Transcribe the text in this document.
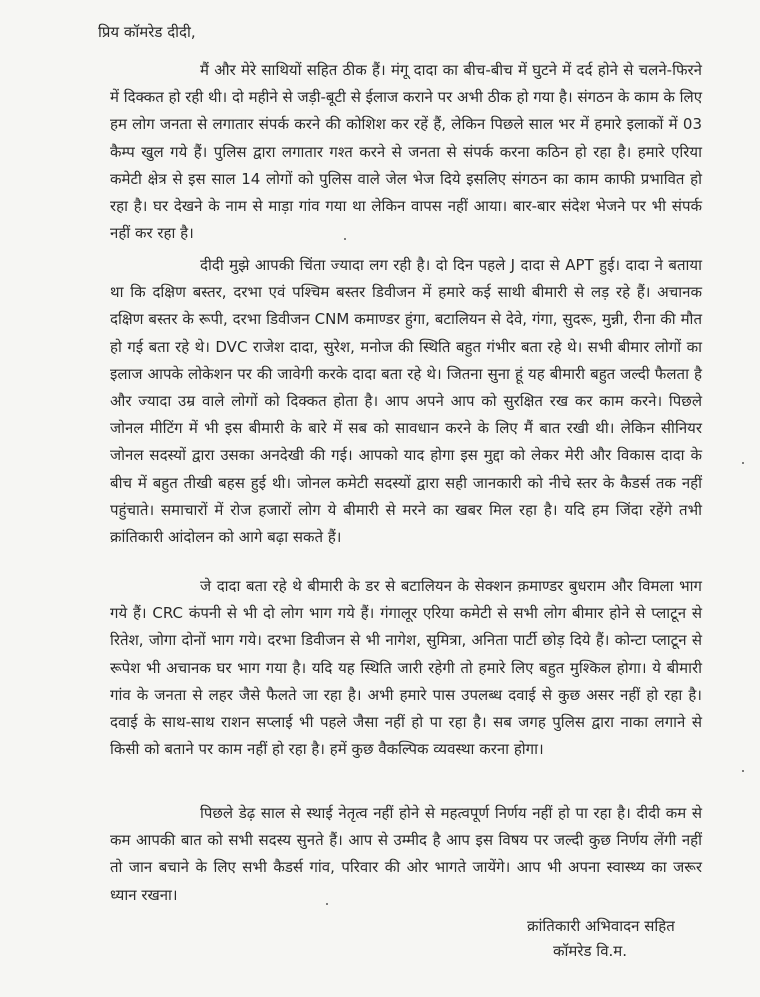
प्रिय कॉमरेड दीदी,

मैं और मेरे साथियों सहित ठीक हैं। मंगू दादा का बीच-बीच में घुटने में दर्द होने से चलने-फिरने में दिक्कत हो रही थी। दो महीने से जड़ी-बूटी से ईलाज कराने पर अभी ठीक हो गया है। संगठन के काम के लिए हम लोग जनता से लगातार संपर्क करने की कोशिश कर रहें हैं, लेकिन पिछले साल भर में हमारे इलाकों में 03 कैम्प खुल गये हैं। पुलिस द्वारा लगातार गश्त करने से जनता से संपर्क करना कठिन हो रहा है। हमारे एरिया कमेटी क्षेत्र से इस साल 14 लोगों को पुलिस वाले जेल भेज दिये इसलिए संगठन का काम काफी प्रभावित हो रहा है। घर देखने के नाम से माड़ा गांव गया था लेकिन वापस नहीं आया। बार-बार संदेश भेजने पर भी संपर्क नहीं कर रहा है।

दीदी मुझे आपकी चिंता ज्यादा लग रही है। दो दिन पहले J दादा से APT हुई। दादा ने बताया था कि दक्षिण बस्तर, दरभा एवं पश्चिम बस्तर डिवीजन में हमारे कई साथी बीमारी से लड़ रहे हैं। अचानक दक्षिण बस्तर के रूपी, दरभा डिवीजन CNM कमाण्डर हुंगा, बटालियन से देवे, गंगा, सुदरू, मुन्नी, रीना की मौत हो गई बता रहे थे। DVC राजेश दादा, सुरेश, मनोज की स्थिति बहुत गंभीर बता रहे थे। सभी बीमार लोगों का इलाज आपके लोकेशन पर की जावेगी करके दादा बता रहे थे। जितना सुना हूं यह बीमारी बहुत जल्दी फैलता है और ज्यादा उम्र वाले लोगों को दिक्कत होता है। आप अपने आप को सुरक्षित रख कर काम करने। पिछले जोनल मीटिंग में भी इस बीमारी के बारे में सब को सावधान करने के लिए मैं बात रखी थी। लेकिन सीनियर जोनल सदस्यों द्वारा उसका अनदेखी की गई। आपको याद होगा इस मुद्दा को लेकर मेरी और विकास दादा के बीच में बहुत तीखी बहस हुई थी। जोनल कमेटी सदस्यों द्वारा सही जानकारी को नीचे स्तर के कैडर्स तक नहीं पहुंचाते। समाचारों में रोज हजारों लोग ये बीमारी से मरने का खबर मिल रहा है। यदि हम जिंदा रहेंगे तभी क्रांतिकारी आंदोलन को आगे बढ़ा सकते हैं।

जे दादा बता रहे थे बीमारी के डर से बटालियन के सेक्शन क़माण्डर बुधराम और विमला भाग गये हैं। CRC कंपनी से भी दो लोग भाग गये हैं। गंगालूर एरिया कमेटी से सभी लोग बीमार होने से प्लाटून से रितेश, जोगा दोनों भाग गये। दरभा डिवीजन से भी नागेश, सुमित्रा, अनिता पार्टी छोड़ दिये हैं। कोन्टा प्लाटून से रूपेश भी अचानक घर भाग गया है। यदि यह स्थिति जारी रहेगी तो हमारे लिए बहुत मुश्किल होगा। ये बीमारी गांव के जनता से लहर जैसे फैलते जा रहा है। अभी हमारे पास उपलब्ध दवाई से कुछ असर नहीं हो रहा है। दवाई के साथ-साथ राशन सप्लाई भी पहले जैसा नहीं हो पा रहा है। सब जगह पुलिस द्वारा नाका लगाने से किसी को बताने पर काम नहीं हो रहा है। हमें कुछ वैकल्पिक व्यवस्था करना होगा।

पिछले डेढ़ साल से स्थाई नेतृत्व नहीं होने से महत्वपूर्ण निर्णय नहीं हो पा रहा है। दीदी कम से कम आपकी बात को सभी सदस्य सुनते हैं। आप से उम्मीद है आप इस विषय पर जल्दी कुछ निर्णय लेंगी नहीं तो जान बचाने के लिए सभी कैडर्स गांव, परिवार की ओर भागते जायेंगे। आप भी अपना स्वास्थ्य का जरूर ध्यान रखना।

क्रांतिकारी अभिवादन सहित
कॉमरेड वि.म.
